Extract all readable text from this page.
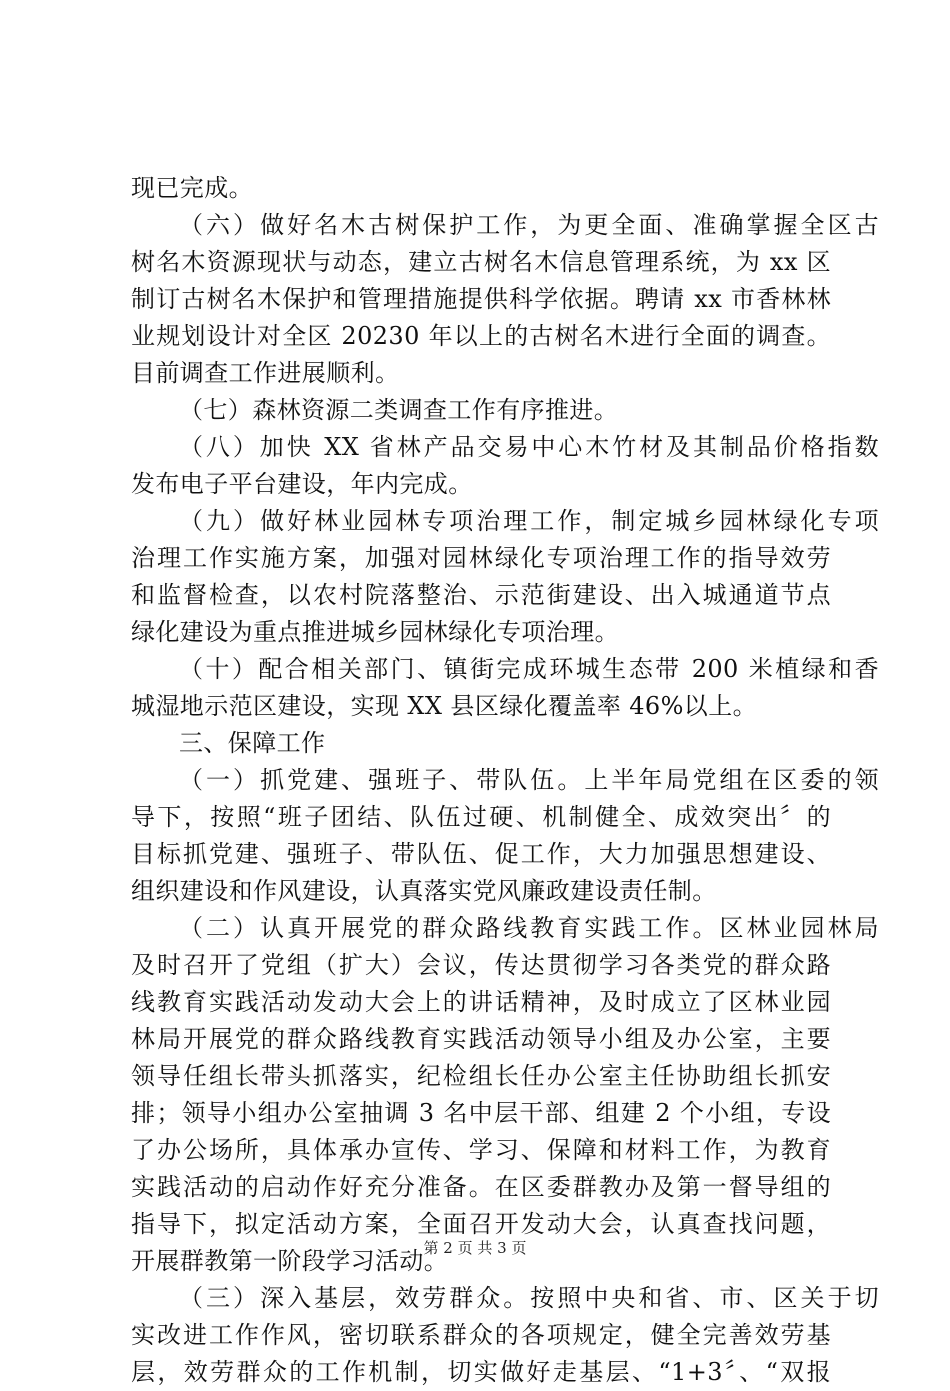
现已完成。
（六）做好名木古树保护工作，为更全面、准确掌握全区古
树名木资源现状与动态，建立古树名木信息管理系统，为 xx 区
制订古树名木保护和管理措施提供科学依据。聘请 xx 市香林林
业规划设计对全区 20230 年以上的古树名木进行全面的调查。
目前调查工作进展顺利。
（七）森林资源二类调查工作有序推进。
（八）加快 XX 省林产品交易中心木竹材及其制品价格指数
发布电子平台建设，年内完成。
（九）做好林业园林专项治理工作，制定城乡园林绿化专项
治理工作实施方案，加强对园林绿化专项治理工作的指导效劳
和监督检查，以农村院落整治、示范街建设、出入城通道节点
绿化建设为重点推进城乡园林绿化专项治理。
（十）配合相关部门、镇街完成环城生态带 200 米植绿和香
城湿地示范区建设，实现 XX 县区绿化覆盖率 46%以上。
三、保障工作
（一）抓党建、强班子、带队伍。上半年局党组在区委的领
导下，按照“班子团结、队伍过硬、机制健全、成效突出〞的
目标抓党建、强班子、带队伍、促工作，大力加强思想建设、
组织建设和作风建设，认真落实党风廉政建设责任制。
（二）认真开展党的群众路线教育实践工作。区林业园林局
及时召开了党组（扩大）会议，传达贯彻学习各类党的群众路
线教育实践活动发动大会上的讲话精神，及时成立了区林业园
林局开展党的群众路线教育实践活动领导小组及办公室，主要
领导任组长带头抓落实，纪检组长任办公室主任协助组长抓安
排；领导小组办公室抽调 3 名中层干部、组建 2 个小组，专设
了办公场所，具体承办宣传、学习、保障和材料工作，为教育
实践活动的启动作好充分准备。在区委群教办及第一督导组的
指导下，拟定活动方案，全面召开发动大会，认真查找问题，
开展群教第一阶段学习活动。
（三）深入基层，效劳群众。按照中央和省、市、区关于切
实改进工作作风，密切联系群众的各项规定，健全完善效劳基
层，效劳群众的工作机制，切实做好走基层、“1+3〞、“双报
第 2 页 共 3 页
